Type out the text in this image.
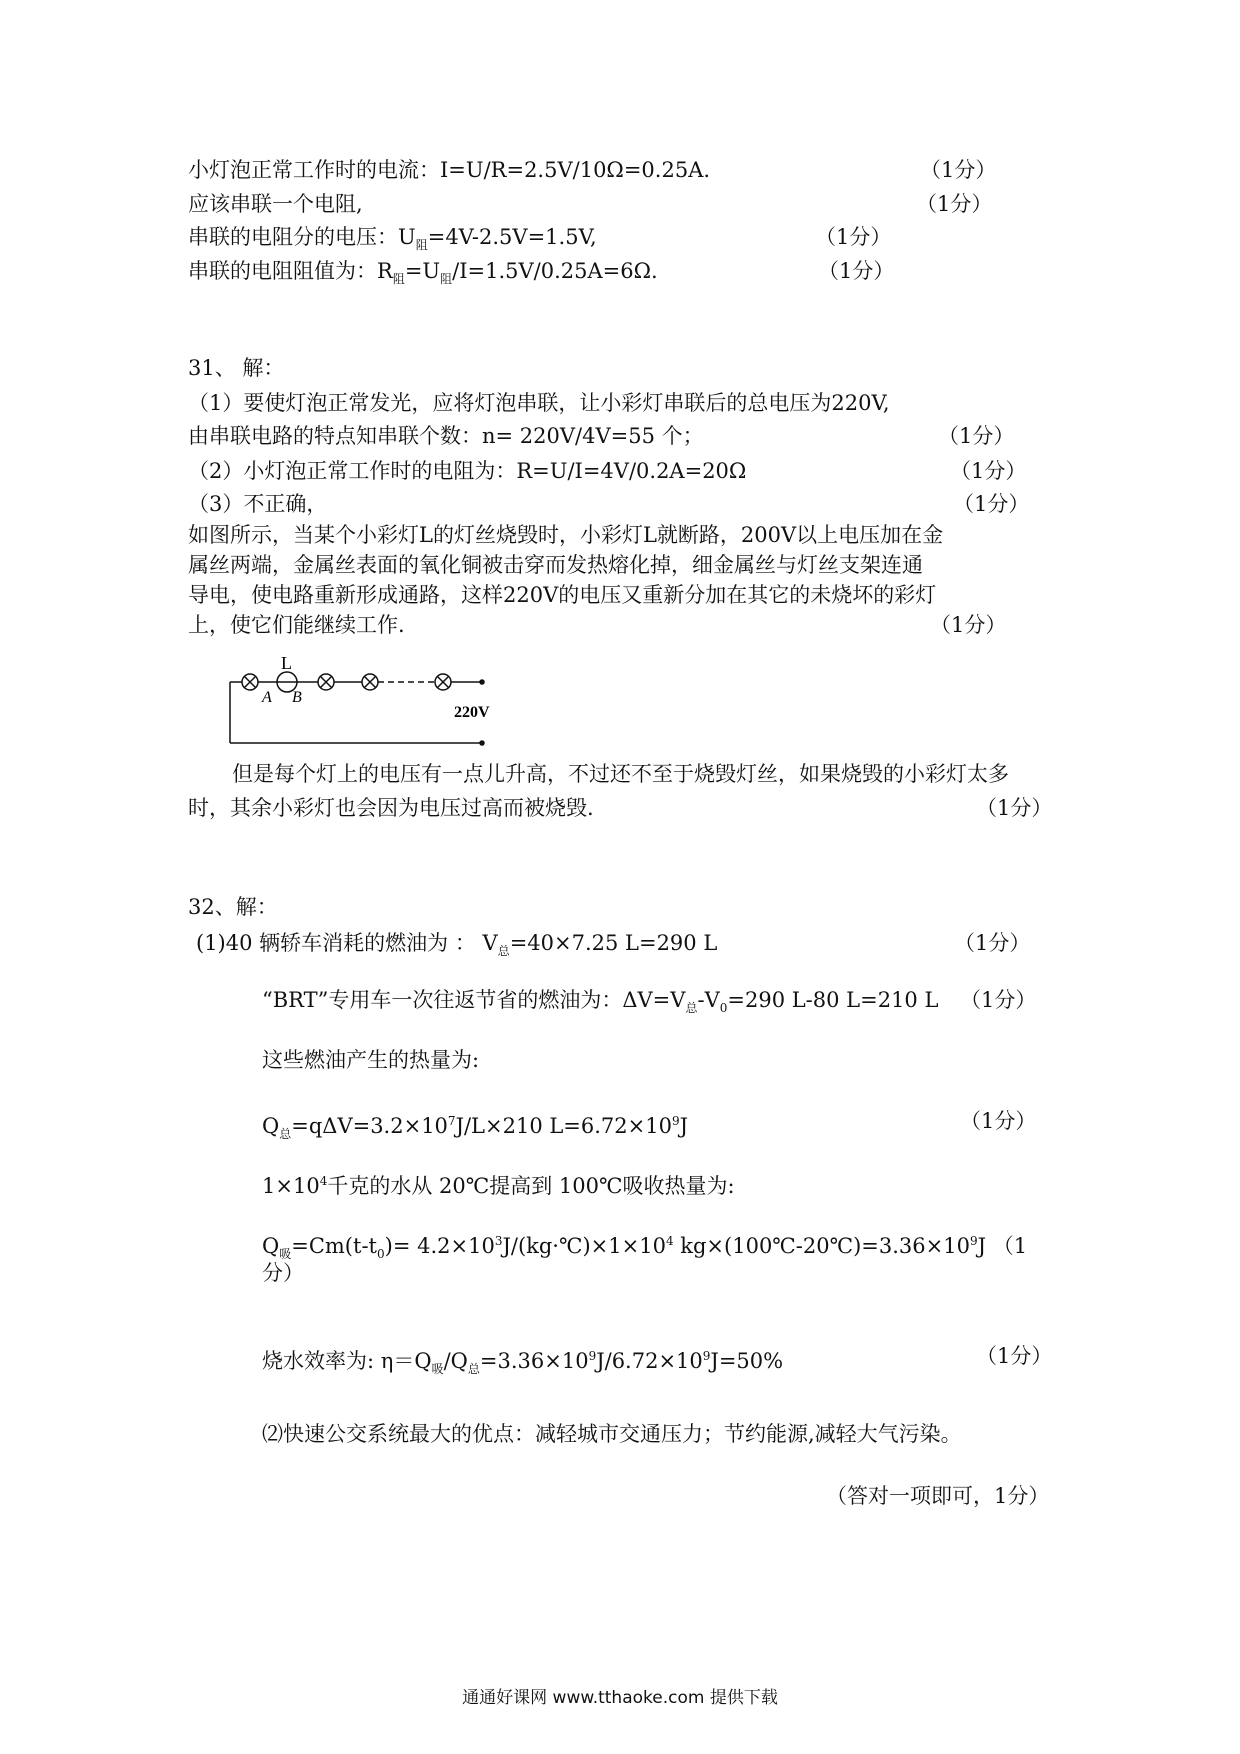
小灯泡正常工作时的电流：I=U/R=2.5V/10Ω=0.25A.	（1分）
应该串联一个电阻,	（1分）
串联的电阻分的电压：$U_阻=4V-2.5V=1.5V$,	（1分）
串联的电阻阻值为：$R_阻=U_阻/I=1.5V/0.25A=6\Omega$.	（1分）
31、 解：
（1）要使灯泡正常发光，应将灯泡串联，让小彩灯串联后的总电压为220V,
由串联电路的特点知串联个数：n= 220V/4V=55 个；	（1分）
（2）小灯泡正常工作时的电阻为：R=U/I=4V/0.2A=20Ω	（1分）
（3）不正确，	（1分）
如图所示，当某个小彩灯L的灯丝烧毁时，小彩灯L就断路，200V以上电压加在金
属丝两端，金属丝表面的氧化铜被击穿而发热熔化掉，细金属丝与灯丝支架连通
导电，使电路重新形成通路，这样220V的电压又重新分加在其它的未烧坏的彩灯
上，使它们能继续工作.	（1分）
L
A B
220V
但是每个灯上的电压有一点儿升高，不过还不至于烧毁灯丝，如果烧毁的小彩灯太多
时，其余小彩灯也会因为电压过高而被烧毁.	（1分）
32、解：
(1)40 辆轿车消耗的燃油为 ： $V_总=40\times 7.25$ L=290 L	（1分）
“BRT”专用车一次往返节省的燃油为：$\Delta V=V_总-V_0=290$ L-80 L=210 L （1分）
这些燃油产生的热量为:
$Q_总=q\Delta V=3.2\times 10^7J/L\times 210$ $L=6.72\times 10^9J$	（1分）
$1\times 10^4$千克的水从 20℃提高到 100℃吸收热量为:
$Q_吸=Cm(t-t_0)=$ $4.2\times 10^3J/(kg\cdot℃)\times 1\times 10^4$ $kg\times(100℃-20℃)=3.36\times 10^9J$ （1
分）
烧水效率为: $\eta=Q_吸/Q_总=3.36\times 10^9J/6.72\times 10^9J=50\%$	（1分）
⑵快速公交系统最大的优点：减轻城市交通压力；节约能源,减轻大气污染。
（答对一项即可，1分）
通通好课网 www.tthaoke.com 提供下载
